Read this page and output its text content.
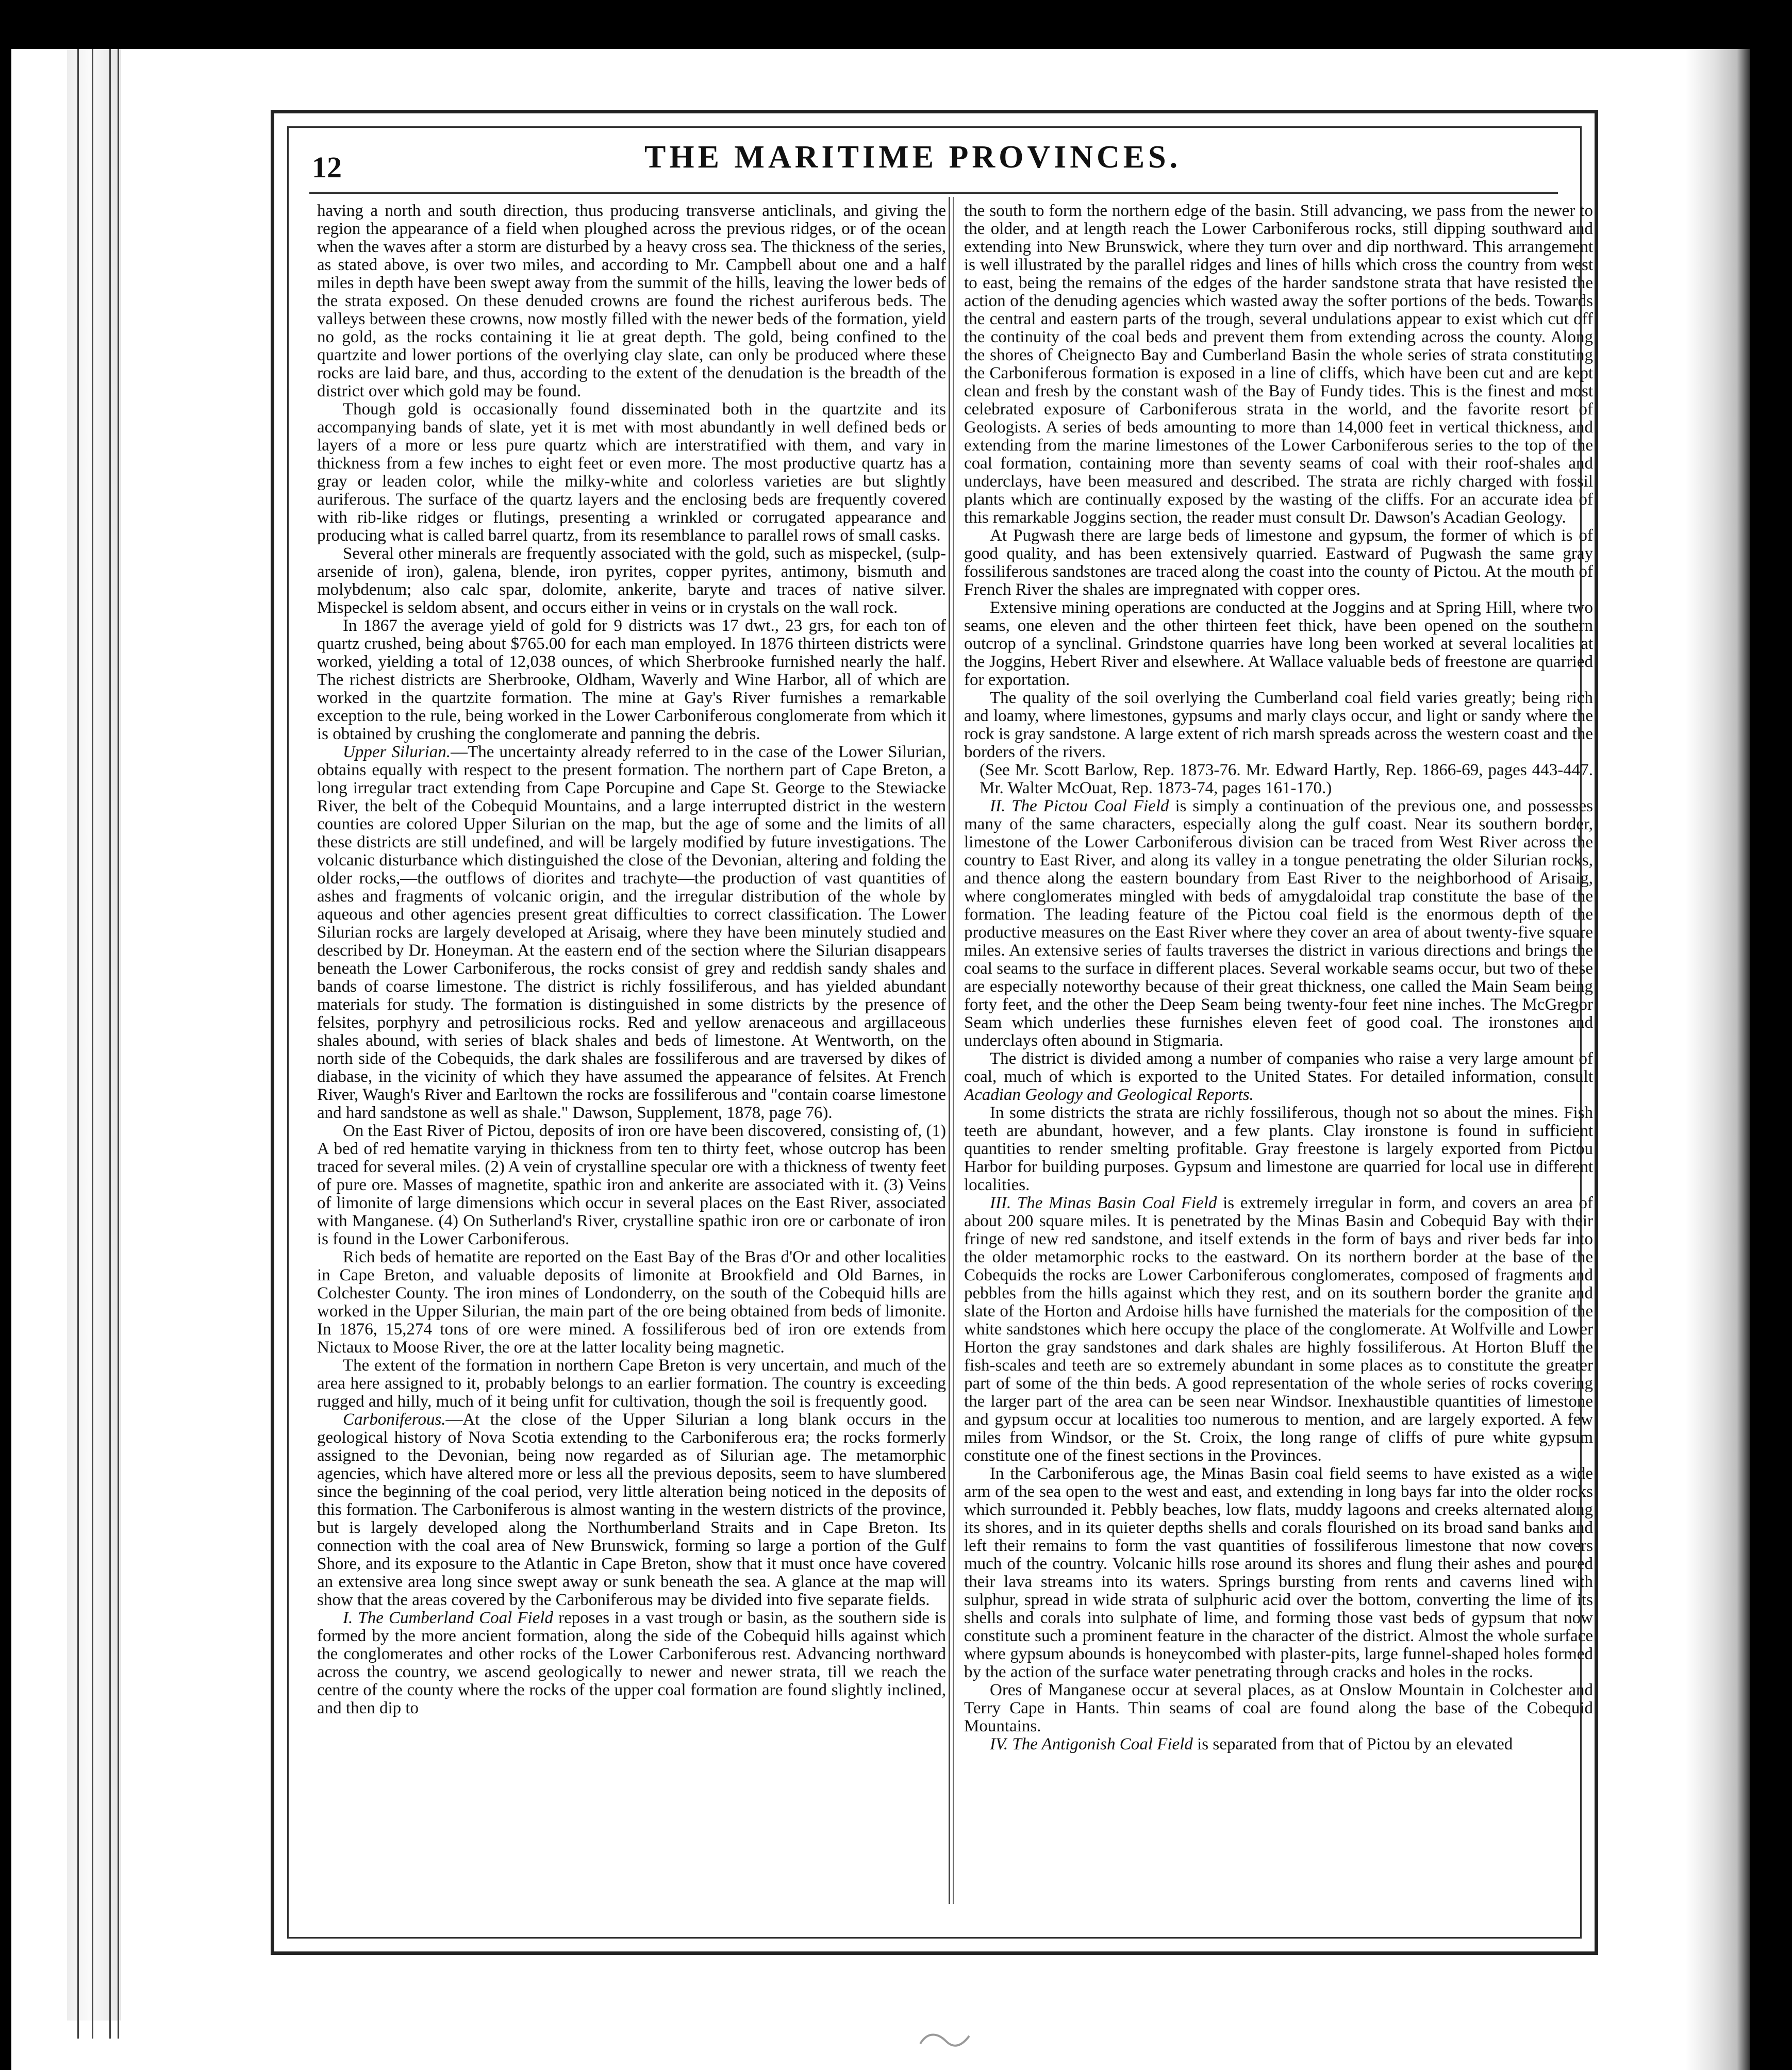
12	THE MARITIME PROVINCES.

having a north and south direction, thus producing transverse anticlinals, and giving the region the appearance of a field when ploughed across the previous ridges, or of the ocean when the waves after a storm are disturbed by a heavy cross sea. The thickness of the series, as stated above, is over two miles, and according to Mr. Campbell about one and a half miles in depth have been swept away from the summit of the hills, leaving the lower beds of the strata exposed. On these denuded crowns are found the richest auriferous beds. The valleys between these crowns, now mostly filled with the newer beds of the formation, yield no gold, as the rocks containing it lie at great depth. The gold, being confined to the quartzite and lower portions of the overlying clay slate, can only be produced where these rocks are laid bare, and thus, according to the extent of the denudation is the breadth of the district over which gold may be found.

Though gold is occasionally found disseminated both in the quartzite and its accompanying bands of slate, yet it is met with most abundantly in well defined beds or layers of a more or less pure quartz which are interstratified with them, and vary in thickness from a few inches to eight feet or even more. The most productive quartz has a gray or leaden color, while the milky-white and colorless varieties are but slightly auriferous. The surface of the quartz layers and the enclosing beds are frequently covered with rib-like ridges or flutings, presenting a wrinkled or corrugated appearance and producing what is called barrel quartz, from its resemblance to parallel rows of small casks.

Several other minerals are frequently associated with the gold, such as mispeckel, (sulp-arsenide of iron), galena, blende, iron pyrites, copper pyrites, antimony, bismuth and molybdenum; also calc spar, dolomite, ankerite, baryte and traces of native silver. Mispeckel is seldom absent, and occurs either in veins or in crystals on the wall rock.

In 1867 the average yield of gold for 9 districts was 17 dwt., 23 grs, for each ton of quartz crushed, being about $765.00 for each man employed. In 1876 thirteen districts were worked, yielding a total of 12,038 ounces, of which Sherbrooke furnished nearly the half. The richest districts are Sherbrooke, Oldham, Waverly and Wine Harbor, all of which are worked in the quartzite formation. The mine at Gay's River furnishes a remarkable exception to the rule, being worked in the Lower Carboniferous conglomerate from which it is obtained by crushing the conglomerate and panning the debris.

Upper Silurian.—The uncertainty already referred to in the case of the Lower Silurian, obtains equally with respect to the present formation. The northern part of Cape Breton, a long irregular tract extending from Cape Porcupine and Cape St. George to the Stewiacke River, the belt of the Cobequid Mountains, and a large interrupted district in the western counties are colored Upper Silurian on the map, but the age of some and the limits of all these districts are still undefined, and will be largely modified by future investigations. The volcanic disturbance which distinguished the close of the Devonian, altering and folding the older rocks,—the outflows of diorites and trachyte—the production of vast quantities of ashes and fragments of volcanic origin, and the irregular distribution of the whole by aqueous and other agencies present great difficulties to correct classification. The Lower Silurian rocks are largely developed at Arisaig, where they have been minutely studied and described by Dr. Honeyman. At the eastern end of the section where the Silurian disappears beneath the Lower Carboniferous, the rocks consist of grey and reddish sandy shales and bands of coarse limestone. The district is richly fossiliferous, and has yielded abundant materials for study. The formation is distinguished in some districts by the presence of felsites, porphyry and petrosilicious rocks. Red and yellow arenaceous and argillaceous shales abound, with series of black shales and beds of limestone. At Wentworth, on the north side of the Cobequids, the dark shales are fossiliferous and are traversed by dikes of diabase, in the vicinity of which they have assumed the appearance of felsites. At French River, Waugh's River and Earltown the rocks are fossiliferous and "contain coarse limestone and hard sandstone as well as shale." Dawson, Supplement, 1878, page 76).

On the East River of Pictou, deposits of iron ore have been discovered, consisting of, (1) A bed of red hematite varying in thickness from ten to thirty feet, whose outcrop has been traced for several miles. (2) A vein of crystalline specular ore with a thickness of twenty feet of pure ore. Masses of magnetite, spathic iron and ankerite are associated with it. (3) Veins of limonite of large dimensions which occur in several places on the East River, associated with Manganese. (4) On Sutherland's River, crystalline spathic iron ore or carbonate of iron is found in the Lower Carboniferous.

Rich beds of hematite are reported on the East Bay of the Bras d'Or and other localities in Cape Breton, and valuable deposits of limonite at Brookfield and Old Barnes, in Colchester County. The iron mines of Londonderry, on the south of the Cobequid hills are worked in the Upper Silurian, the main part of the ore being obtained from beds of limonite. In 1876, 15,274 tons of ore were mined. A fossiliferous bed of iron ore extends from Nictaux to Moose River, the ore at the latter locality being magnetic.

The extent of the formation in northern Cape Breton is very uncertain, and much of the area here assigned to it, probably belongs to an earlier formation. The country is exceeding rugged and hilly, much of it being unfit for cultivation, though the soil is frequently good.

Carboniferous.—At the close of the Upper Silurian a long blank occurs in the geological history of Nova Scotia extending to the Carboniferous era; the rocks formerly assigned to the Devonian, being now regarded as of Silurian age. The metamorphic agencies, which have altered more or less all the previous deposits, seem to have slumbered since the beginning of the coal period, very little alteration being noticed in the deposits of this formation. The Carboniferous is almost wanting in the western districts of the province, but is largely developed along the Northumberland Straits and in Cape Breton. Its connection with the coal area of New Brunswick, forming so large a portion of the Gulf Shore, and its exposure to the Atlantic in Cape Breton, show that it must once have covered an extensive area long since swept away or sunk beneath the sea. A glance at the map will show that the areas covered by the Carboniferous may be divided into five separate fields.

I. The Cumberland Coal Field reposes in a vast trough or basin, as the southern side is formed by the more ancient formation, along the side of the Cobequid hills against which the conglomerates and other rocks of the Lower Carboniferous rest. Advancing northward across the country, we ascend geologically to newer and newer strata, till we reach the centre of the county where the rocks of the upper coal formation are found slightly inclined, and then dip to

the south to form the northern edge of the basin. Still advancing, we pass from the newer to the older, and at length reach the Lower Carboniferous rocks, still dipping southward and extending into New Brunswick, where they turn over and dip northward. This arrangement is well illustrated by the parallel ridges and lines of hills which cross the country from west to east, being the remains of the edges of the harder sandstone strata that have resisted the action of the denuding agencies which wasted away the softer portions of the beds. Towards the central and eastern parts of the trough, several undulations appear to exist which cut off the continuity of the coal beds and prevent them from extending across the county. Along the shores of Cheignecto Bay and Cumberland Basin the whole series of strata constituting the Carboniferous formation is exposed in a line of cliffs, which have been cut and are kept clean and fresh by the constant wash of the Bay of Fundy tides. This is the finest and most celebrated exposure of Carboniferous strata in the world, and the favorite resort of Geologists. A series of beds amounting to more than 14,000 feet in vertical thickness, and extending from the marine limestones of the Lower Carboniferous series to the top of the coal formation, containing more than seventy seams of coal with their roof-shales and underclays, have been measured and described. The strata are richly charged with fossil plants which are continually exposed by the wasting of the cliffs. For an accurate idea of this remarkable Joggins section, the reader must consult Dr. Dawson's Acadian Geology.

At Pugwash there are large beds of limestone and gypsum, the former of which is of good quality, and has been extensively quarried. Eastward of Pugwash the same gray fossiliferous sandstones are traced along the coast into the county of Pictou. At the mouth of French River the shales are impregnated with copper ores.

Extensive mining operations are conducted at the Joggins and at Spring Hill, where two seams, one eleven and the other thirteen feet thick, have been opened on the southern outcrop of a synclinal. Grindstone quarries have long been worked at several localities at the Joggins, Hebert River and elsewhere. At Wallace valuable beds of freestone are quarried for exportation.

The quality of the soil overlying the Cumberland coal field varies greatly; being rich and loamy, where limestones, gypsums and marly clays occur, and light or sandy where the rock is gray sandstone. A large extent of rich marsh spreads across the western coast and the borders of the rivers.

(See Mr. Scott Barlow, Rep. 1873-76. Mr. Edward Hartly, Rep. 1866-69, pages 443-447. Mr. Walter McOuat, Rep. 1873-74, pages 161-170.)

II. The Pictou Coal Field is simply a continuation of the previous one, and possesses many of the same characters, especially along the gulf coast. Near its southern border, limestone of the Lower Carboniferous division can be traced from West River across the country to East River, and along its valley in a tongue penetrating the older Silurian rocks, and thence along the eastern boundary from East River to the neighborhood of Arisaig, where conglomerates mingled with beds of amygdaloidal trap constitute the base of the formation. The leading feature of the Pictou coal field is the enormous depth of the productive measures on the East River where they cover an area of about twenty-five square miles. An extensive series of faults traverses the district in various directions and brings the coal seams to the surface in different places. Several workable seams occur, but two of these are especially noteworthy because of their great thickness, one called the Main Seam being forty feet, and the other the Deep Seam being twenty-four feet nine inches. The McGregor Seam which underlies these furnishes eleven feet of good coal. The ironstones and underclays often abound in Stigmaria.

The district is divided among a number of companies who raise a very large amount of coal, much of which is exported to the United States. For detailed information, consult Acadian Geology and Geological Reports.

In some districts the strata are richly fossiliferous, though not so about the mines. Fish teeth are abundant, however, and a few plants. Clay ironstone is found in sufficient quantities to render smelting profitable. Gray freestone is largely exported from Pictou Harbor for building purposes. Gypsum and limestone are quarried for local use in different localities.

III. The Minas Basin Coal Field is extremely irregular in form, and covers an area of about 200 square miles. It is penetrated by the Minas Basin and Cobequid Bay with their fringe of new red sandstone, and itself extends in the form of bays and river beds far into the older metamorphic rocks to the eastward. On its northern border at the base of the Cobequids the rocks are Lower Carboniferous conglomerates, composed of fragments and pebbles from the hills against which they rest, and on its southern border the granite and slate of the Horton and Ardoise hills have furnished the materials for the composition of the white sandstones which here occupy the place of the conglomerate. At Wolfville and Lower Horton the gray sandstones and dark shales are highly fossiliferous. At Horton Bluff the fish-scales and teeth are so extremely abundant in some places as to constitute the greater part of some of the thin beds. A good representation of the whole series of rocks covering the larger part of the area can be seen near Windsor. Inexhaustible quantities of limestone and gypsum occur at localities too numerous to mention, and are largely exported. A few miles from Windsor, or the St. Croix, the long range of cliffs of pure white gypsum constitute one of the finest sections in the Provinces.

In the Carboniferous age, the Minas Basin coal field seems to have existed as a wide arm of the sea open to the west and east, and extending in long bays far into the older rocks which surrounded it. Pebbly beaches, low flats, muddy lagoons and creeks alternated along its shores, and in its quieter depths shells and corals flourished on its broad sand banks and left their remains to form the vast quantities of fossiliferous limestone that now covers much of the country. Volcanic hills rose around its shores and flung their ashes and poured their lava streams into its waters. Springs bursting from rents and caverns lined with sulphur, spread in wide strata of sulphuric acid over the bottom, converting the lime of its shells and corals into sulphate of lime, and forming those vast beds of gypsum that now constitute such a prominent feature in the character of the district. Almost the whole surface where gypsum abounds is honeycombed with plaster-pits, large funnel-shaped holes formed by the action of the surface water penetrating through cracks and holes in the rocks.

Ores of Manganese occur at several places, as at Onslow Mountain in Colchester and Terry Cape in Hants. Thin seams of coal are found along the base of the Cobequid Mountains.

IV. The Antigonish Coal Field is separated from that of Pictou by an elevated
